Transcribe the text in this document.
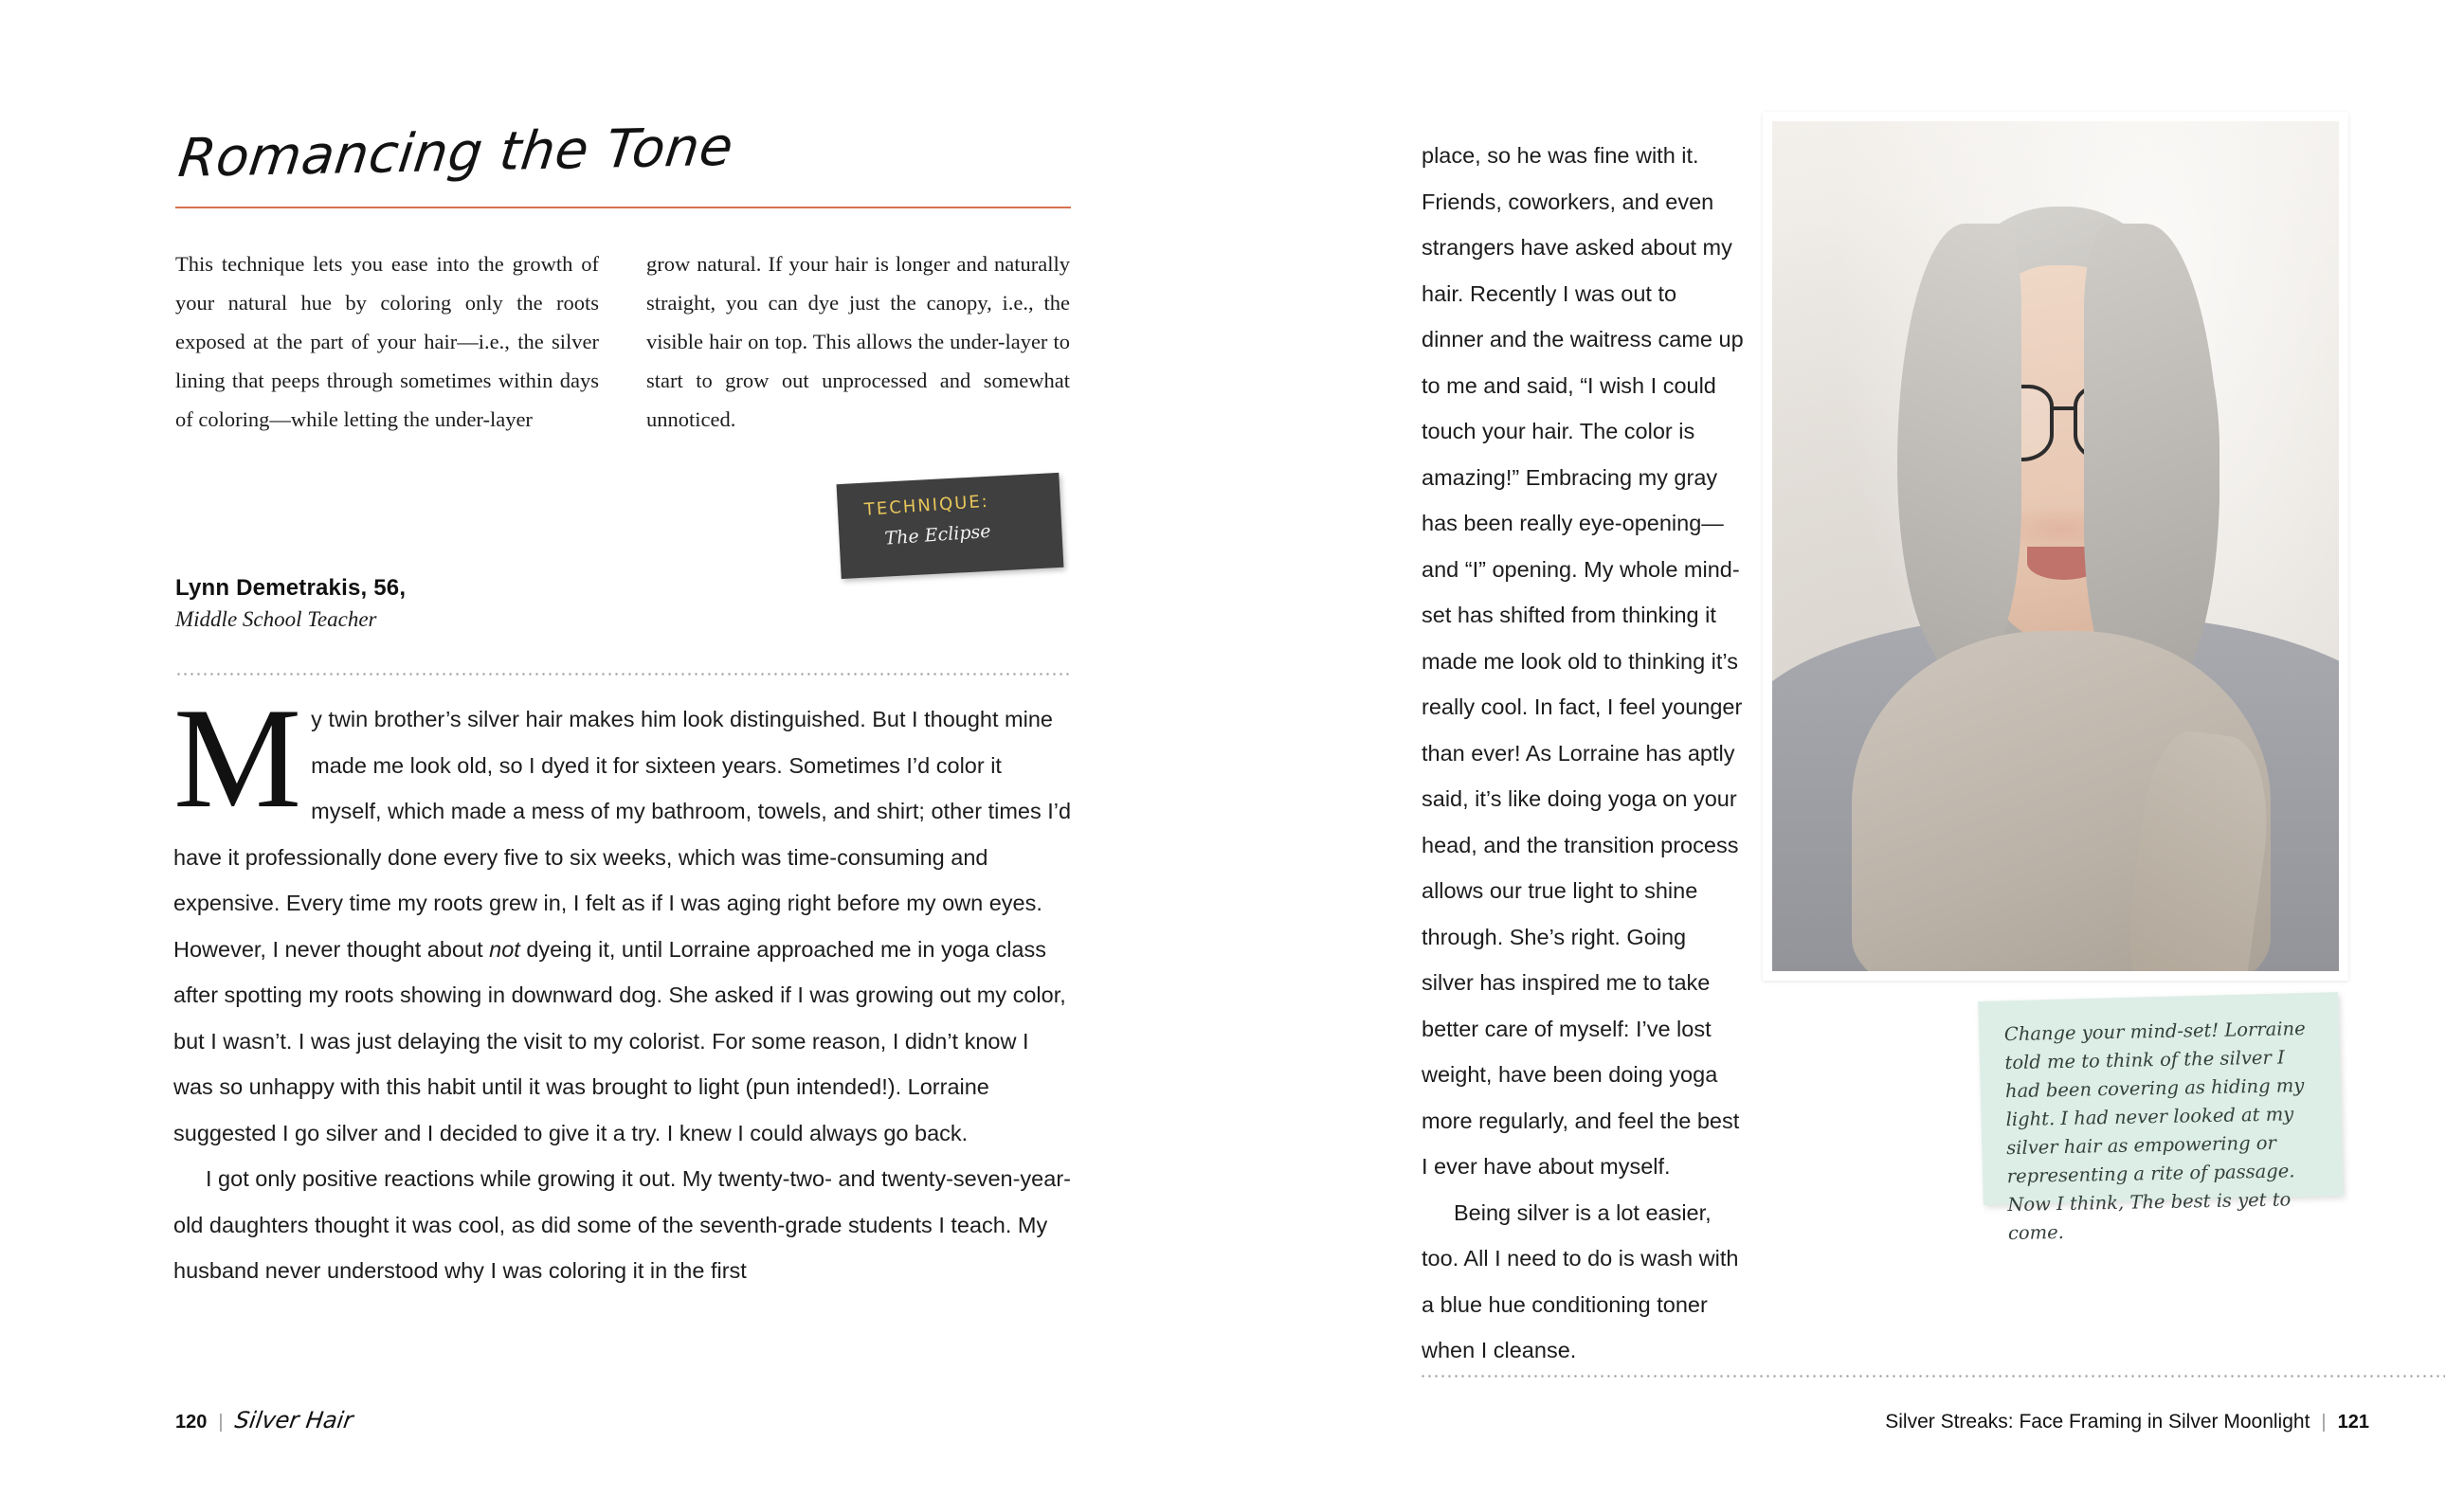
Romancing the Tone
This technique lets you ease into the growth of your natural hue by coloring only the roots exposed at the part of your hair—i.e., the silver lining that peeps through sometimes within days of coloring—while letting the under-layer
grow natural. If your hair is longer and naturally straight, you can dye just the canopy, i.e., the visible hair on top. This allows the under-layer to start to grow out unprocessed and somewhat unnoticed.
TECHNIQUE:
The Eclipse
Lynn Demetrakis, 56,
Middle School Teacher

My twin brother’s silver hair makes him look distinguished. But I thought mine made me look old, so I dyed it for sixteen years. Sometimes I’d color it myself, which made a mess of my bathroom, towels, and shirt; other times I’d have it professionally done every five to six weeks, which was time-consuming and expensive. Every time my roots grew in, I felt as if I was aging right before my own eyes. However, I never thought about not dyeing it, until Lorraine approached me in yoga class after spotting my roots showing in downward dog. She asked if I was growing out my color, but I wasn’t. I was just delaying the visit to my colorist. For some reason, I didn’t know I was so unhappy with this habit until it was brought to light (pun intended!). Lorraine suggested I go silver and I decided to give it a try. I knew I could always go back.

I got only positive reactions while growing it out. My twenty-two- and twenty-seven-year-old daughters thought it was cool, as did some of the seventh-grade students I teach. My husband never understood why I was coloring it in the first

120 | Silver Hair

place, so he was fine with it. Friends, coworkers, and even strangers have asked about my hair. Recently I was out to dinner and the waitress came up to me and said, “I wish I could touch your hair. The color is amazing!” Embracing my gray has been really eye-opening—and “I” opening. My whole mind-set has shifted from thinking it made me look old to thinking it’s really cool. In fact, I feel younger than ever! As Lorraine has aptly said, it’s like doing yoga on your head, and the transition process allows our true light to shine through. She’s right. Going silver has inspired me to take better care of myself: I’ve lost weight, have been doing yoga more regularly, and feel the best I ever have about myself.

Being silver is a lot easier, too. All I need to do is wash with a blue hue conditioning toner when I cleanse.

Change your mind-set! Lorraine told me to think of the silver I had been covering as hiding my light. I had never looked at my silver hair as empowering or representing a rite of passage. Now I think, The best is yet to come.

Silver Streaks: Face Framing in Silver Moonlight | 121
